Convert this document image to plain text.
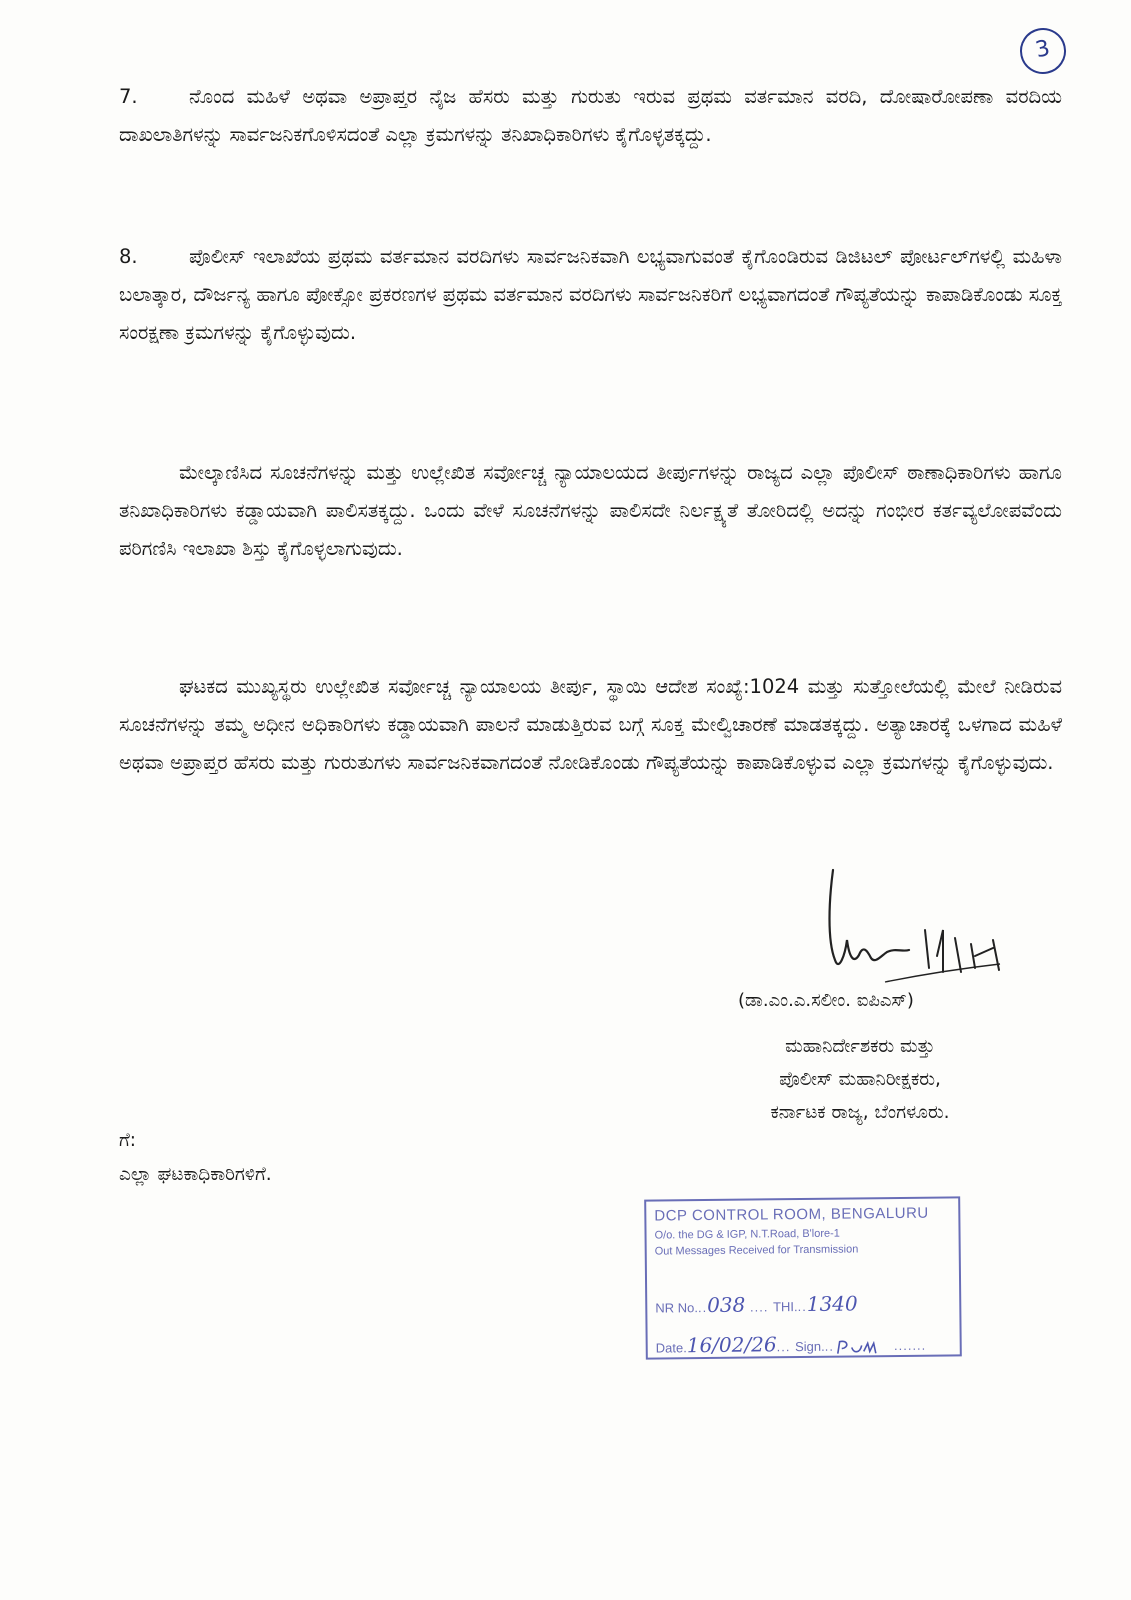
3

7.	ನೊಂದ ಮಹಿಳೆ ಅಥವಾ ಅಪ್ರಾಪ್ತರ ನೈಜ ಹೆಸರು ಮತ್ತು ಗುರುತು ಇರುವ ಪ್ರಥಮ ವರ್ತಮಾನ ವರದಿ, ದೋಷಾರೋಪಣಾ ವರದಿಯ ದಾಖಲಾತಿಗಳನ್ನು ಸಾರ್ವಜನಿಕಗೊಳಿಸದಂತೆ ಎಲ್ಲಾ ಕ್ರಮಗಳನ್ನು ತನಿಖಾಧಿಕಾರಿಗಳು ಕೈಗೊಳ್ಳತಕ್ಕದ್ದು.

8.	ಪೊಲೀಸ್ ಇಲಾಖೆಯ ಪ್ರಥಮ ವರ್ತಮಾನ ವರದಿಗಳು ಸಾರ್ವಜನಿಕವಾಗಿ ಲಭ್ಯವಾಗುವಂತೆ ಕೈಗೊಂಡಿರುವ ಡಿಜಿಟಲ್ ಪೋರ್ಟಲ್‌ಗಳಲ್ಲಿ ಮಹಿಳಾ ಬಲಾತ್ಕಾರ, ದೌರ್ಜನ್ಯ ಹಾಗೂ ಪೋಕ್ಸೋ ಪ್ರಕರಣಗಳ ಪ್ರಥಮ ವರ್ತಮಾನ ವರದಿಗಳು ಸಾರ್ವಜನಿಕರಿಗೆ ಲಭ್ಯವಾಗದಂತೆ ಗೌಪ್ಯತೆಯನ್ನು ಕಾಪಾಡಿಕೊಂಡು ಸೂಕ್ತ ಸಂರಕ್ಷಣಾ ಕ್ರಮಗಳನ್ನು ಕೈಗೊಳ್ಳುವುದು.

ಮೇಲ್ಕಾಣಿಸಿದ ಸೂಚನೆಗಳನ್ನು ಮತ್ತು ಉಲ್ಲೇಖಿತ ಸರ್ವೋಚ್ಚ ನ್ಯಾಯಾಲಯದ ತೀರ್ಪುಗಳನ್ನು ರಾಜ್ಯದ ಎಲ್ಲಾ ಪೊಲೀಸ್ ಠಾಣಾಧಿಕಾರಿಗಳು ಹಾಗೂ ತನಿಖಾಧಿಕಾರಿಗಳು ಕಡ್ಡಾಯವಾಗಿ ಪಾಲಿಸತಕ್ಕದ್ದು. ಒಂದು ವೇಳೆ ಸೂಚನೆಗಳನ್ನು ಪಾಲಿಸದೇ ನಿರ್ಲಕ್ಷ್ಯತೆ ತೋರಿದಲ್ಲಿ ಅದನ್ನು ಗಂಭೀರ ಕರ್ತವ್ಯಲೋಪವೆಂದು ಪರಿಗಣಿಸಿ ಇಲಾಖಾ ಶಿಸ್ತು ಕೈಗೊಳ್ಳಲಾಗುವುದು.

ಘಟಕದ ಮುಖ್ಯಸ್ಥರು ಉಲ್ಲೇಖಿತ ಸರ್ವೋಚ್ಚ ನ್ಯಾಯಾಲಯ ತೀರ್ಪು, ಸ್ಥಾಯಿ ಆದೇಶ ಸಂಖ್ಯೆ:1024 ಮತ್ತು ಸುತ್ತೋಲೆಯಲ್ಲಿ ಮೇಲೆ ನೀಡಿರುವ ಸೂಚನೆಗಳನ್ನು ತಮ್ಮ ಅಧೀನ ಅಧಿಕಾರಿಗಳು ಕಡ್ಡಾಯವಾಗಿ ಪಾಲನೆ ಮಾಡುತ್ತಿರುವ ಬಗ್ಗೆ ಸೂಕ್ತ ಮೇಲ್ವಿಚಾರಣೆ ಮಾಡತಕ್ಕದ್ದು. ಅತ್ಯಾಚಾರಕ್ಕೆ ಒಳಗಾದ ಮಹಿಳೆ ಅಥವಾ ಅಪ್ರಾಪ್ತರ ಹೆಸರು ಮತ್ತು ಗುರುತುಗಳು ಸಾರ್ವಜನಿಕವಾಗದಂತೆ ನೋಡಿಕೊಂಡು ಗೌಪ್ಯತೆಯನ್ನು ಕಾಪಾಡಿಕೊಳ್ಳುವ ಎಲ್ಲಾ ಕ್ರಮಗಳನ್ನು ಕೈಗೊಳ್ಳುವುದು.

(ಡಾ.ಎಂ.ಎ.ಸಲೀಂ. ಐಪಿಎಸ್)
ಮಹಾನಿರ್ದೇಶಕರು ಮತ್ತು
ಪೊಲೀಸ್ ಮಹಾನಿರೀಕ್ಷಕರು,
ಕರ್ನಾಟಕ ರಾಜ್ಯ, ಬೆಂಗಳೂರು.
ಗೆ:
ಎಲ್ಲಾ ಘಟಕಾಧಿಕಾರಿಗಳಿಗೆ.
DCP CONTROL ROOM, BENGALURU
O/o. the DG & IGP, N.T.Road, B'lore-1
Out Messages Received for Transmission
NR No...038 .... THI...1340
Date.16/02/26... Sign...	.......
